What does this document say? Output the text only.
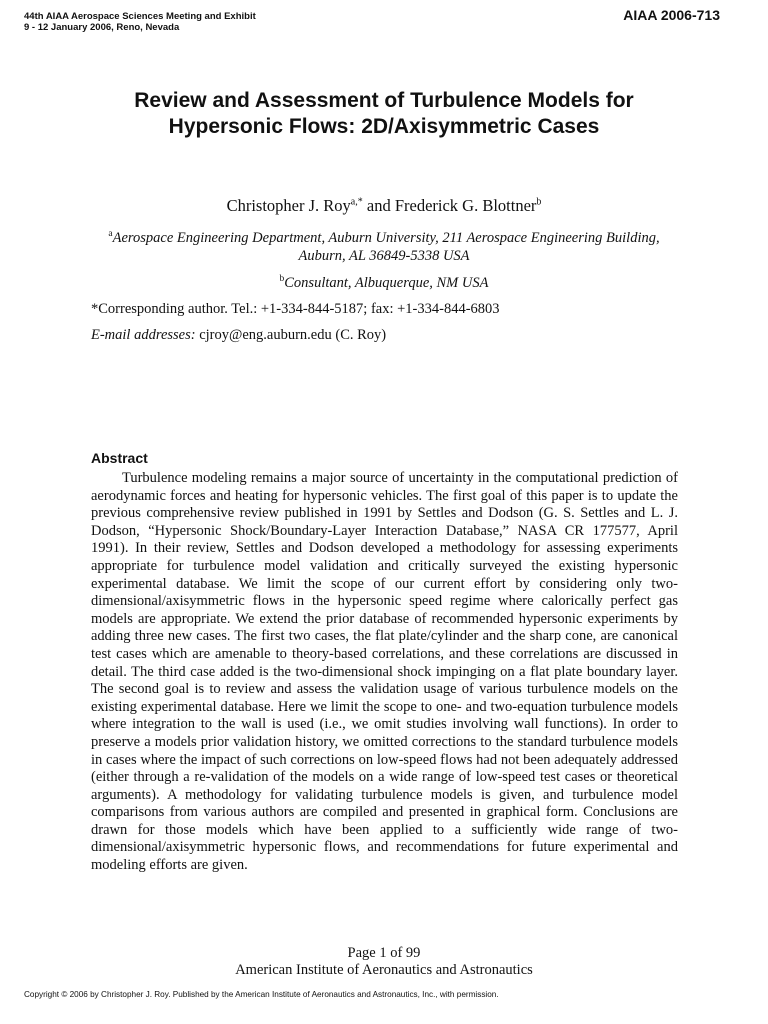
44th AIAA Aerospace Sciences Meeting and Exhibit
9 - 12 January 2006, Reno, Nevada
AIAA 2006-713
Review and Assessment of Turbulence Models for
Hypersonic Flows: 2D/Axisymmetric Cases
Christopher J. Roy$^{a,*}$ and Frederick G. Blottner$^b$
$^a$Aerospace Engineering Department, Auburn University, 211 Aerospace Engineering Building,
Auburn, AL 36849-5338 USA
$^b$Consultant, Albuquerque, NM USA
*Corresponding author. Tel.: +1-334-844-5187; fax: +1-334-844-6803
E-mail addresses: cjroy@eng.auburn.edu (C. Roy)
Abstract

Turbulence modeling remains a major source of uncertainty in the computational prediction of aerodynamic forces and heating for hypersonic vehicles. The first goal of this paper is to update the previous comprehensive review published in 1991 by Settles and Dodson (G. S. Settles and L. J. Dodson, “Hypersonic Shock/Boundary-Layer Interaction Database,” NASA CR 177577, April 1991). In their review, Settles and Dodson developed a methodology for assessing experiments appropriate for turbulence model validation and critically surveyed the existing hypersonic experimental database. We limit the scope of our current effort by considering only two-dimensional/axisymmetric flows in the hypersonic speed regime where calorically perfect gas models are appropriate. We extend the prior database of recommended hypersonic experiments by adding three new cases. The first two cases, the flat plate/cylinder and the sharp cone, are canonical test cases which are amenable to theory-based correlations, and these correlations are discussed in detail. The third case added is the two-dimensional shock impinging on a flat plate boundary layer. The second goal is to review and assess the validation usage of various turbulence models on the existing experimental database. Here we limit the scope to one- and two-equation turbulence models where integration to the wall is used (i.e., we omit studies involving wall functions). In order to preserve a models prior validation history, we omitted corrections to the standard turbulence models in cases where the impact of such corrections on low-speed flows had not been adequately addressed (either through a re-validation of the models on a wide range of low-speed test cases or theoretical arguments). A methodology for validating turbulence models is given, and turbulence model comparisons from various authors are compiled and presented in graphical form. Conclusions are drawn for those models which have been applied to a sufficiently wide range of two-dimensional/axisymmetric hypersonic flows, and recommendations for future experimental and modeling efforts are given.

Page 1 of 99
American Institute of Aeronautics and Astronautics
Copyright © 2006 by Christopher J. Roy. Published by the American Institute of Aeronautics and Astronautics, Inc., with permission.
